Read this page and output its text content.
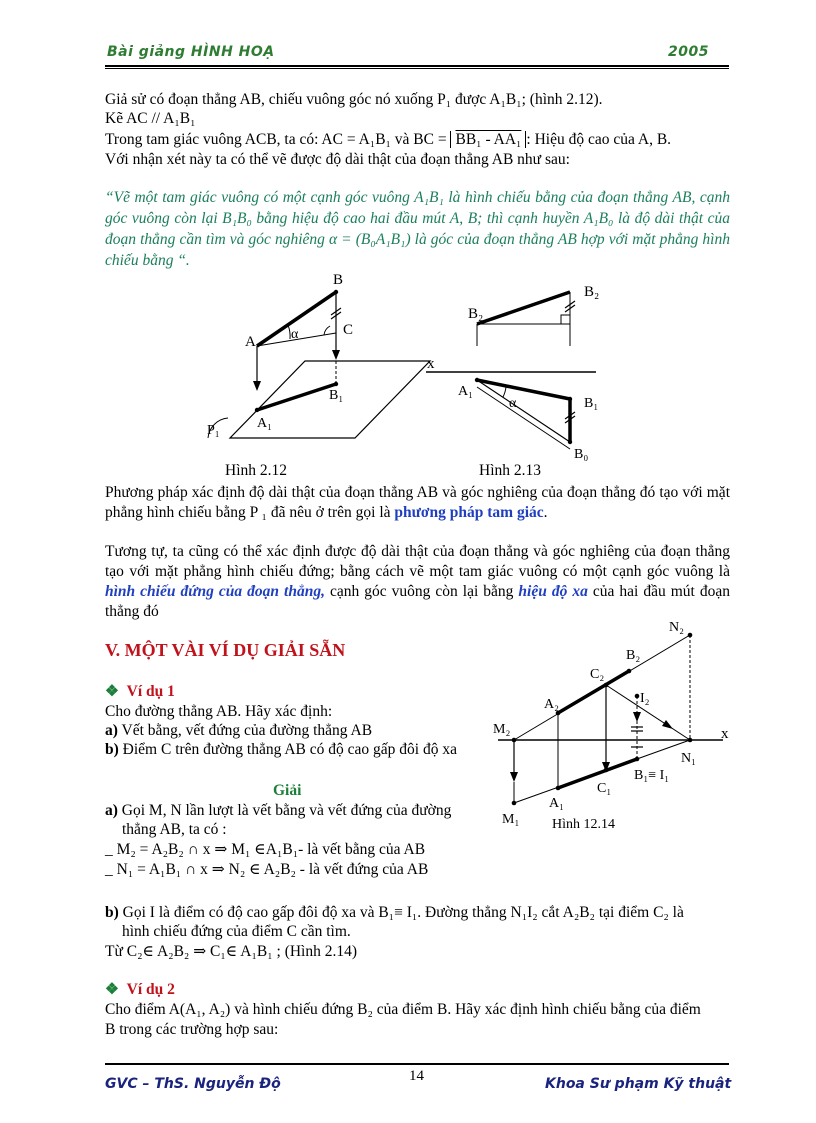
Bài giảng HÌNH HOẠ	2005
Giả sử có đoạn thẳng AB, chiếu vuông góc nó xuống P₁ được A₁B₁; (hình 2.12).
Kẽ AC // A₁B₁
Trong tam giác vuông ACB, ta có: AC = A₁B₁ và BC = BB₁ - AA₁ : Hiệu độ cao của A, B.
Với nhận xét này ta có thể vẽ được độ dài thật của đoạn thẳng AB như sau:
“Vẽ một tam giác vuông có một cạnh góc vuông A₁B₁ là hình chiếu bằng của đoạn thẳng AB, cạnh góc vuông còn lại B₁B₀ bằng hiệu độ cao hai đầu mút A, B; thì cạnh huyền A₁B₀ là độ dài thật của đoạn thẳng cần tìm và góc nghiêng α = (B₀A₁B₁) là góc của đoạn thẳng AB hợp với mặt phẳng hình chiếu bằng “.
B
A
C
α
B₁
A₁
P₁
B₂
B₂
x
A₁
B₁
α
B₀
Hình 2.12	Hình 2.13
Phương pháp xác định độ dài thật của đoạn thẳng AB và góc nghiêng của đoạn thẳng đó tạo với mặt phẳng hình chiếu bằng P ₁ đã nêu ở trên gọi là phương pháp tam giác.
Tương tự, ta cũng có thể xác định được độ dài thật của đoạn thẳng và góc nghiêng của đoạn thẳng tạo với mặt phẳng hình chiếu đứng; bằng cách vẽ một tam giác vuông có một cạnh góc vuông là hình chiếu đứng của đoạn thẳng, cạnh góc vuông còn lại bằng hiệu độ xa của hai đầu mút đoạn thẳng đó
V. MỘT VÀI VÍ DỤ GIẢI SẴN
❖ Ví dụ 1
Cho đường thẳng AB. Hãy xác định:
a) Vết bằng, vết đứng của đường thẳng AB
b) Điểm C trên đường thẳng AB có độ cao gấp đôi độ xa
Giải
a) Gọi M, N lần lượt là vết bằng và vết đứng của đường
thẳng AB, ta có :
_ M₂ = A₂B₂ ∩ x ⇒ M₁ ∈A₁B₁- là vết bằng của AB
_ N₁ = A₁B₁ ∩ x ⇒ N₂ ∈ A₂B₂ - là vết đứng của AB
b) Gọi I là điểm có độ cao gấp đôi độ xa và B₁≡ I₁. Đường thẳng N₁I₂ cắt A₂B₂ tại điểm C₂ là
hình chiếu đứng của điểm C cần tìm.
Từ C₂∈ A₂B₂ ⇒ C₁∈ A₁B₁ ; (Hình 2.14)
N₂
B₂
C₂
A₂	I₂
M₂	x
N₁
B₁≡ I₁
C₁
A₁
M₁ Hình 12.14
❖ Ví dụ 2
Cho điểm A(A₁, A₂) và hình chiếu đứng B₂ của điểm B. Hãy xác định hình chiếu bằng của điểm
B trong các trường hợp sau:
GVC – ThS. Nguyễn Độ	14	Khoa Sư phạm Kỹ thuật
